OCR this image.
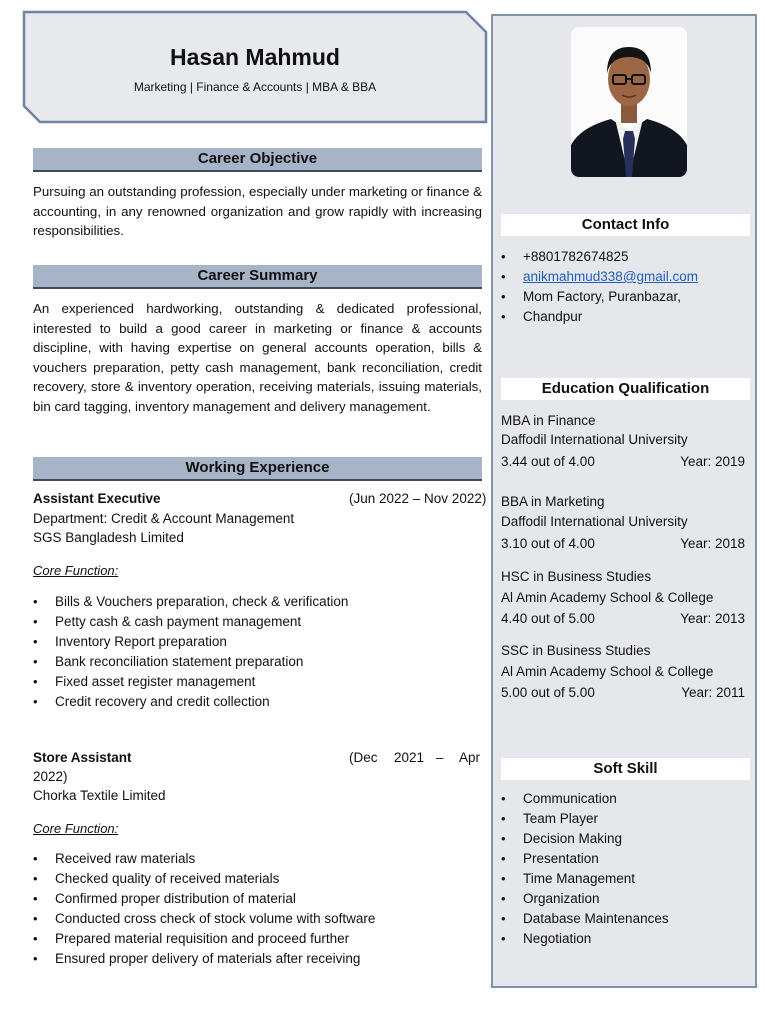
Hasan Mahmud
Marketing | Finance & Accounts | MBA & BBA
Career Objective
Pursuing an outstanding profession, especially under marketing or finance & accounting, in any renowned organization and grow rapidly with increasing responsibilities.
Career Summary
An experienced hardworking, outstanding & dedicated professional, interested to build a good career in marketing or finance & accounts discipline, with having expertise on general accounts operation, bills & vouchers preparation, petty cash management, bank reconciliation, credit recovery, store & inventory operation, receiving materials, issuing materials, bin card tagging, inventory management and delivery management.
Working Experience
Assistant Executive	(Jun 2022 – Nov 2022)
Department: Credit & Account Management
SGS Bangladesh Limited
Core Function:
• Bills & Vouchers preparation, check & verification
• Petty cash & cash payment management
• Inventory Report preparation
• Bank reconciliation statement preparation
• Fixed asset register management
• Credit recovery and credit collection
Store Assistant	(Dec 2021 – Apr
2022)
Chorka Textile Limited
Core Function:
• Received raw materials
• Checked quality of received materials
• Confirmed proper distribution of material
• Conducted cross check of stock volume with software
• Prepared material requisition and proceed further
• Ensured proper delivery of materials after receiving
Contact Info
• +8801782674825
• anikmahmud338@gmail.com
• Mom Factory, Puranbazar,
• Chandpur
Education Qualification
MBA in Finance
Daffodil International University
3.44 out of 4.00	Year: 2019
BBA in Marketing
Daffodil International University
3.10 out of 4.00	Year: 2018
HSC in Business Studies
Al Amin Academy School & College
4.40 out of 5.00	Year: 2013
SSC in Business Studies
Al Amin Academy School & College
5.00 out of 5.00	Year: 2011
Soft Skill
• Communication
• Team Player
• Decision Making
• Presentation
• Time Management
• Organization
• Database Maintenances
• Negotiation
